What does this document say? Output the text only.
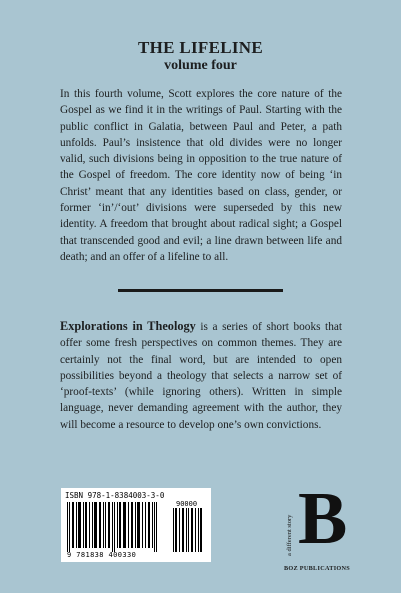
THE LIFELINE
volume four

In this fourth volume, Scott explores the core nature of the Gospel as we find it in the writings of Paul. Starting with the public conflict in Galatia, between Paul and Peter, a path unfolds. Paul’s insistence that old divides were no longer valid, such divisions being in opposition to the true nature of the Gospel of freedom. The core identity now of being ‘in Christ’ meant that any identities based on class, gender, or former ‘in’/‘out’ divisions were superseded by this new identity. A freedom that brought about radical sight; a Gospel that transcended good and evil; a line drawn between life and death; and an offer of a lifeline to all.

Explorations in Theology is a series of short books that offer some fresh perspectives on common themes. They are certainly not the final word, but are intended to open possibilities beyond a theology that selects a narrow set of ‘proof-texts’ (while ignoring others). Written in simple language, never demanding agreement with the author, they will become a resource to develop one’s own convictions.

ISBN 978-1-8384003-3-0
90000
9 781838 400330	a different story B
BOZ PUBLICATIONS
